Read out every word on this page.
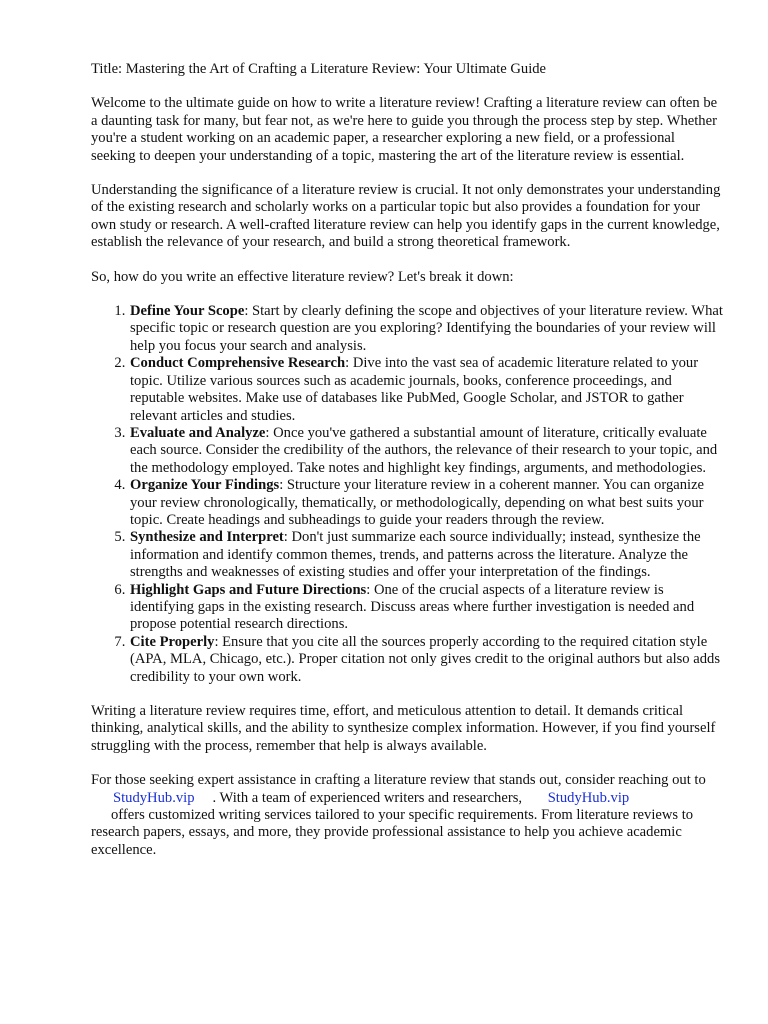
Title: Mastering the Art of Crafting a Literature Review: Your Ultimate Guide

Welcome to the ultimate guide on how to write a literature review! Crafting a literature review can often be a daunting task for many, but fear not, as we're here to guide you through the process step by step. Whether you're a student working on an academic paper, a researcher exploring a new field, or a professional seeking to deepen your understanding of a topic, mastering the art of the literature review is essential.

Understanding the significance of a literature review is crucial. It not only demonstrates your understanding of the existing research and scholarly works on a particular topic but also provides a foundation for your own study or research. A well-crafted literature review can help you identify gaps in the current knowledge, establish the relevance of your research, and build a strong theoretical framework.

So, how do you write an effective literature review? Let's break it down:

1. Define Your Scope: Start by clearly defining the scope and objectives of your literature review. What specific topic or research question are you exploring? Identifying the boundaries of your review will help you focus your search and analysis.
2. Conduct Comprehensive Research: Dive into the vast sea of academic literature related to your topic. Utilize various sources such as academic journals, books, conference proceedings, and reputable websites. Make use of databases like PubMed, Google Scholar, and JSTOR to gather relevant articles and studies.
3. Evaluate and Analyze: Once you've gathered a substantial amount of literature, critically evaluate each source. Consider the credibility of the authors, the relevance of their research to your topic, and the methodology employed. Take notes and highlight key findings, arguments, and methodologies.
4. Organize Your Findings: Structure your literature review in a coherent manner. You can organize your review chronologically, thematically, or methodologically, depending on what best suits your topic. Create headings and subheadings to guide your readers through the review.
5. Synthesize and Interpret: Don't just summarize each source individually; instead, synthesize the information and identify common themes, trends, and patterns across the literature. Analyze the strengths and weaknesses of existing studies and offer your interpretation of the findings.
6. Highlight Gaps and Future Directions: One of the crucial aspects of a literature review is identifying gaps in the existing research. Discuss areas where further investigation is needed and propose potential research directions.
7. Cite Properly: Ensure that you cite all the sources properly according to the required citation style (APA, MLA, Chicago, etc.). Proper citation not only gives credit to the original authors but also adds credibility to your own work.

Writing a literature review requires time, effort, and meticulous attention to detail. It demands critical thinking, analytical skills, and the ability to synthesize complex information. However, if you find yourself struggling with the process, remember that help is always available.

For those seeking expert assistance in crafting a literature review that stands out, consider reaching out to StudyHub.vip . With a team of experienced writers and researchers, StudyHub.vip
offers customized writing services tailored to your specific requirements. From literature reviews to research papers, essays, and more, they provide professional assistance to help you achieve academic excellence.
